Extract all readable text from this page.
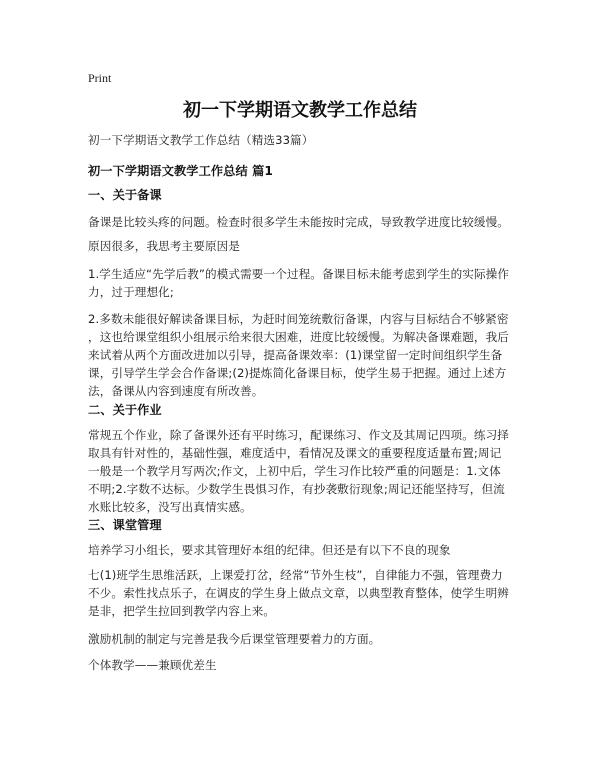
Print
初一下学期语文教学工作总结

初一下学期语文教学工作总结（精选33篇）

初一下学期语文教学工作总结 篇1

一、关于备课

备课是比较头疼的问题。检查时很多学生未能按时完成，导致教学进度比较缓慢。

原因很多，我思考主要原因是

1.学生适应“先学后教”的模式需要一个过程。备课目标未能考虑到学生的实际操作
力，过于理想化;
2.多数未能很好解读备课目标，为赶时间笼统敷衍备课，内容与目标结合不够紧密
，这也给课堂组织小组展示给来很大困难，进度比较缓慢。为解决备课难题，我后
来试着从两个方面改进加以引导，提高备课效率：(1)课堂留一定时间组织学生备
课，引导学生学会合作备课;(2)提炼简化备课目标，使学生易于把握。通过上述方
法，备课从内容到速度有所改善。

二、关于作业

常规五个作业，除了备课外还有平时练习，配课练习、作文及其周记四项。练习择
取具有针对性的，基础性强，难度适中，看情况及课文的重要程度适量布置;周记
一般是一个教学月写两次;作文，上初中后，学生习作比较严重的问题是：1.文体
不明;2.字数不达标。少数学生畏惧习作，有抄袭敷衍现象;周记还能坚持写，但流
水账比较多，没写出真情实感。

三、课堂管理

培养学习小组长，要求其管理好本组的纪律。但还是有以下不良的现象

七(1)班学生思维活跃，上课爱打岔，经常“节外生枝”，自律能力不强，管理费力
不少。索性找点乐子，在调皮的学生身上做点文章，以典型教育整体，使学生明辨
是非，把学生拉回到教学内容上来。

激励机制的制定与完善是我今后课堂管理要着力的方面。

个体教学——兼顾优差生
